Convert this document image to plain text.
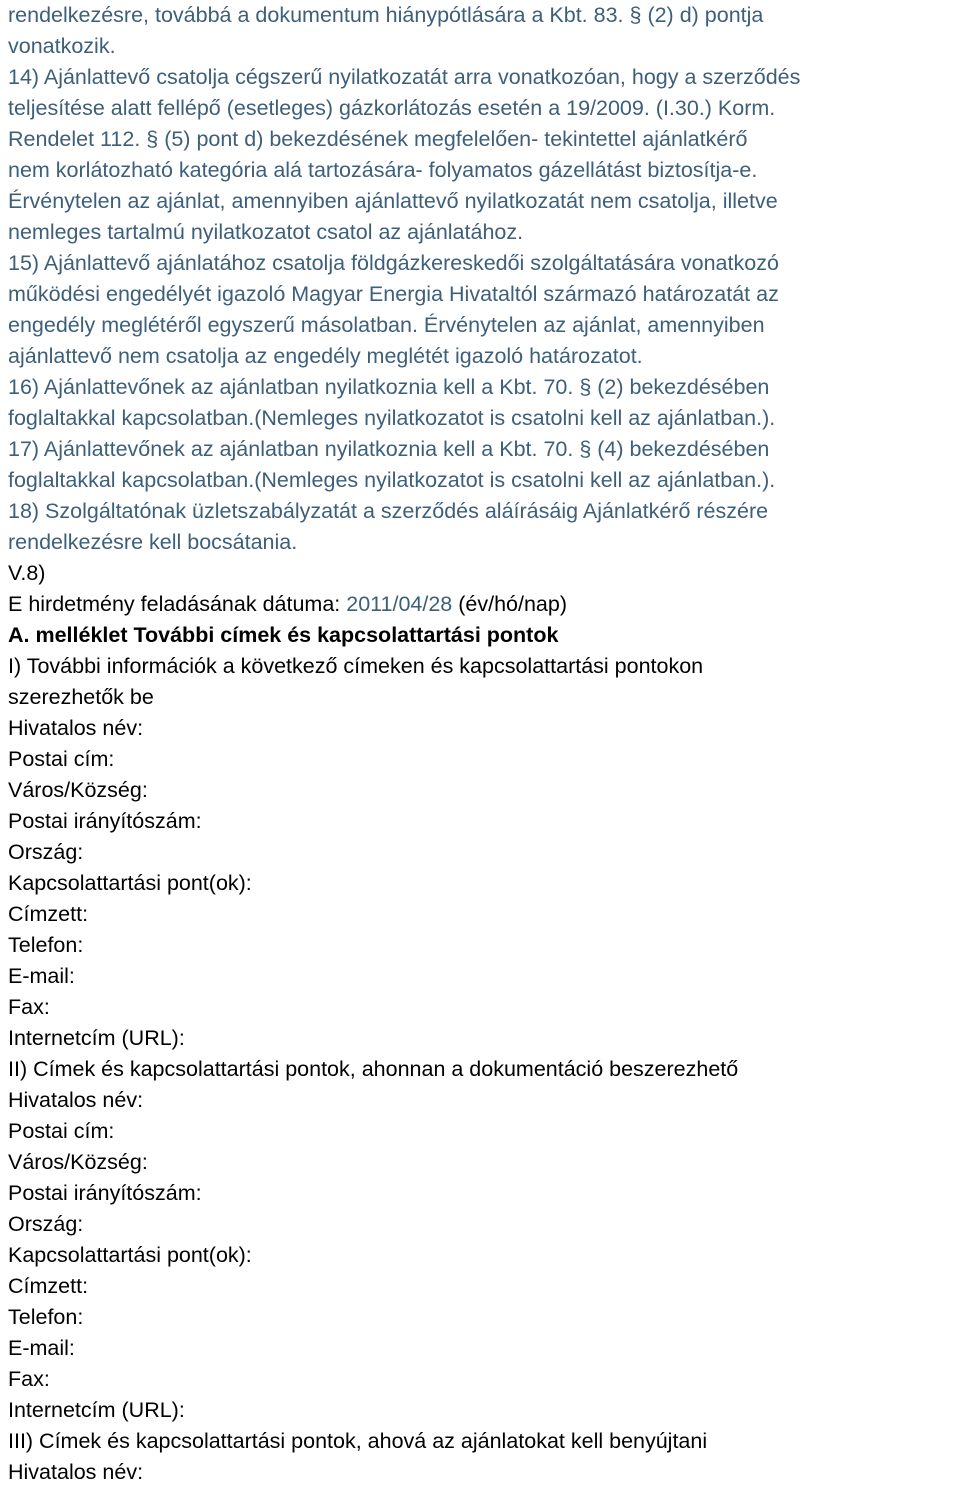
rendelkezésre, továbbá a dokumentum hiánypótlására a Kbt. 83. § (2) d) pontja
vonatkozik.
14) Ajánlattevő csatolja cégszerű nyilatkozatát arra vonatkozóan, hogy a szerződés
teljesítése alatt fellépő (esetleges) gázkorlátozás esetén a 19/2009. (I.30.) Korm.
Rendelet 112. § (5) pont d) bekezdésének megfelelően- tekintettel ajánlatkérő
nem korlátozható kategória alá tartozására- folyamatos gázellátást biztosítja-e.
Érvénytelen az ajánlat, amennyiben ajánlattevő nyilatkozatát nem csatolja, illetve
nemleges tartalmú nyilatkozatot csatol az ajánlatához.
15) Ajánlattevő ajánlatához csatolja földgázkereskedői szolgáltatására vonatkozó
működési engedélyét igazoló Magyar Energia Hivataltól származó határozatát az
engedély meglétéről egyszerű másolatban. Érvénytelen az ajánlat, amennyiben
ajánlattevő nem csatolja az engedély meglétét igazoló határozatot.
16) Ajánlattevőnek az ajánlatban nyilatkoznia kell a Kbt. 70. § (2) bekezdésében
foglaltakkal kapcsolatban.(Nemleges nyilatkozatot is csatolni kell az ajánlatban.).
17) Ajánlattevőnek az ajánlatban nyilatkoznia kell a Kbt. 70. § (4) bekezdésében
foglaltakkal kapcsolatban.(Nemleges nyilatkozatot is csatolni kell az ajánlatban.).
18) Szolgáltatónak üzletszabályzatát a szerződés aláírásáig Ajánlatkérő részére
rendelkezésre kell bocsátania.
V.8)
E hirdetmény feladásának dátuma: 2011/04/28 (év/hó/nap)
A. melléklet További címek és kapcsolattartási pontok
I) További információk a következő címeken és kapcsolattartási pontokon
szerezhetők be
Hivatalos név:
Postai cím:
Város/Község:
Postai irányítószám:
Ország:
Kapcsolattartási pont(ok):
Címzett:
Telefon:
E-mail:
Fax:
Internetcím (URL):
II) Címek és kapcsolattartási pontok, ahonnan a dokumentáció beszerezhető
Hivatalos név:
Postai cím:
Város/Község:
Postai irányítószám:
Ország:
Kapcsolattartási pont(ok):
Címzett:
Telefon:
E-mail:
Fax:
Internetcím (URL):
III) Címek és kapcsolattartási pontok, ahová az ajánlatokat kell benyújtani
Hivatalos név:
